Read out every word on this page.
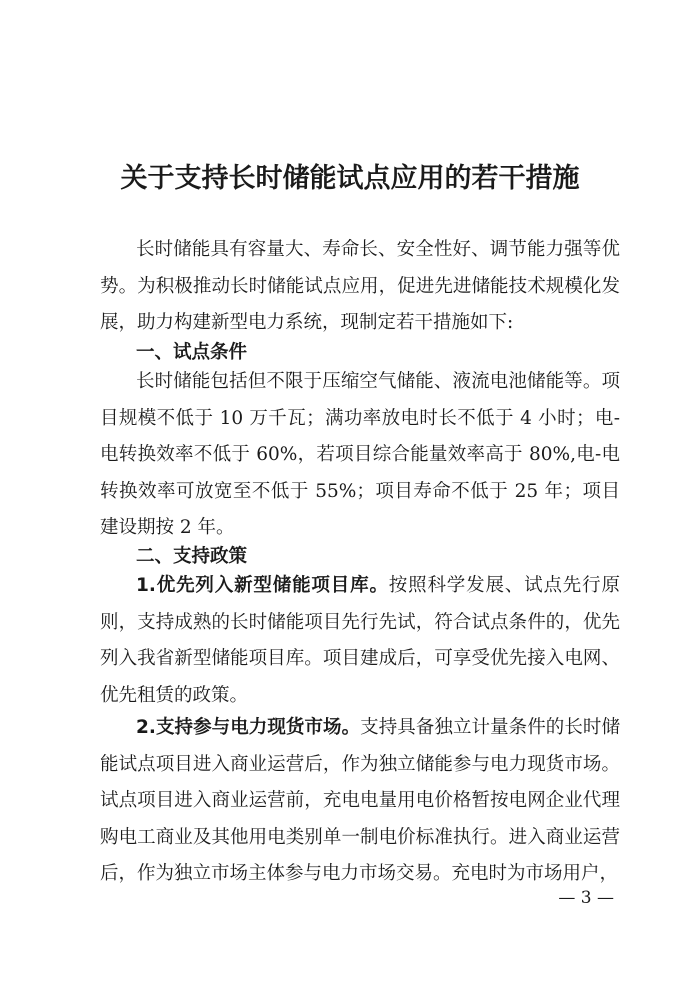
关于支持长时储能试点应用的若干措施
长时储能具有容量大、寿命长、安全性好、调节能力强等优势。为积极推动长时储能试点应用，促进先进储能技术规模化发展，助力构建新型电力系统，现制定若干措施如下:
一、试点条件
长时储能包括但不限于压缩空气储能、液流电池储能等。项目规模不低于 10 万千瓦；满功率放电时长不低于 4 小时；电-电转换效率不低于 60%，若项目综合能量效率高于 80%,电-电转换效率可放宽至不低于 55%；项目寿命不低于 25 年；项目建设期按 2 年。
二、支持政策
1.优先列入新型储能项目库。按照科学发展、试点先行原则，支持成熟的长时储能项目先行先试，符合试点条件的，优先列入我省新型储能项目库。项目建成后，可享受优先接入电网、优先租赁的政策。
2.支持参与电力现货市场。支持具备独立计量条件的长时储能试点项目进入商业运营后，作为独立储能参与电力现货市场。试点项目进入商业运营前，充电电量用电价格暂按电网企业代理购电工商业及其他用电类别单一制电价标准执行。进入商业运营后，作为独立市场主体参与电力市场交易。充电时为市场用户，
— 3 —
